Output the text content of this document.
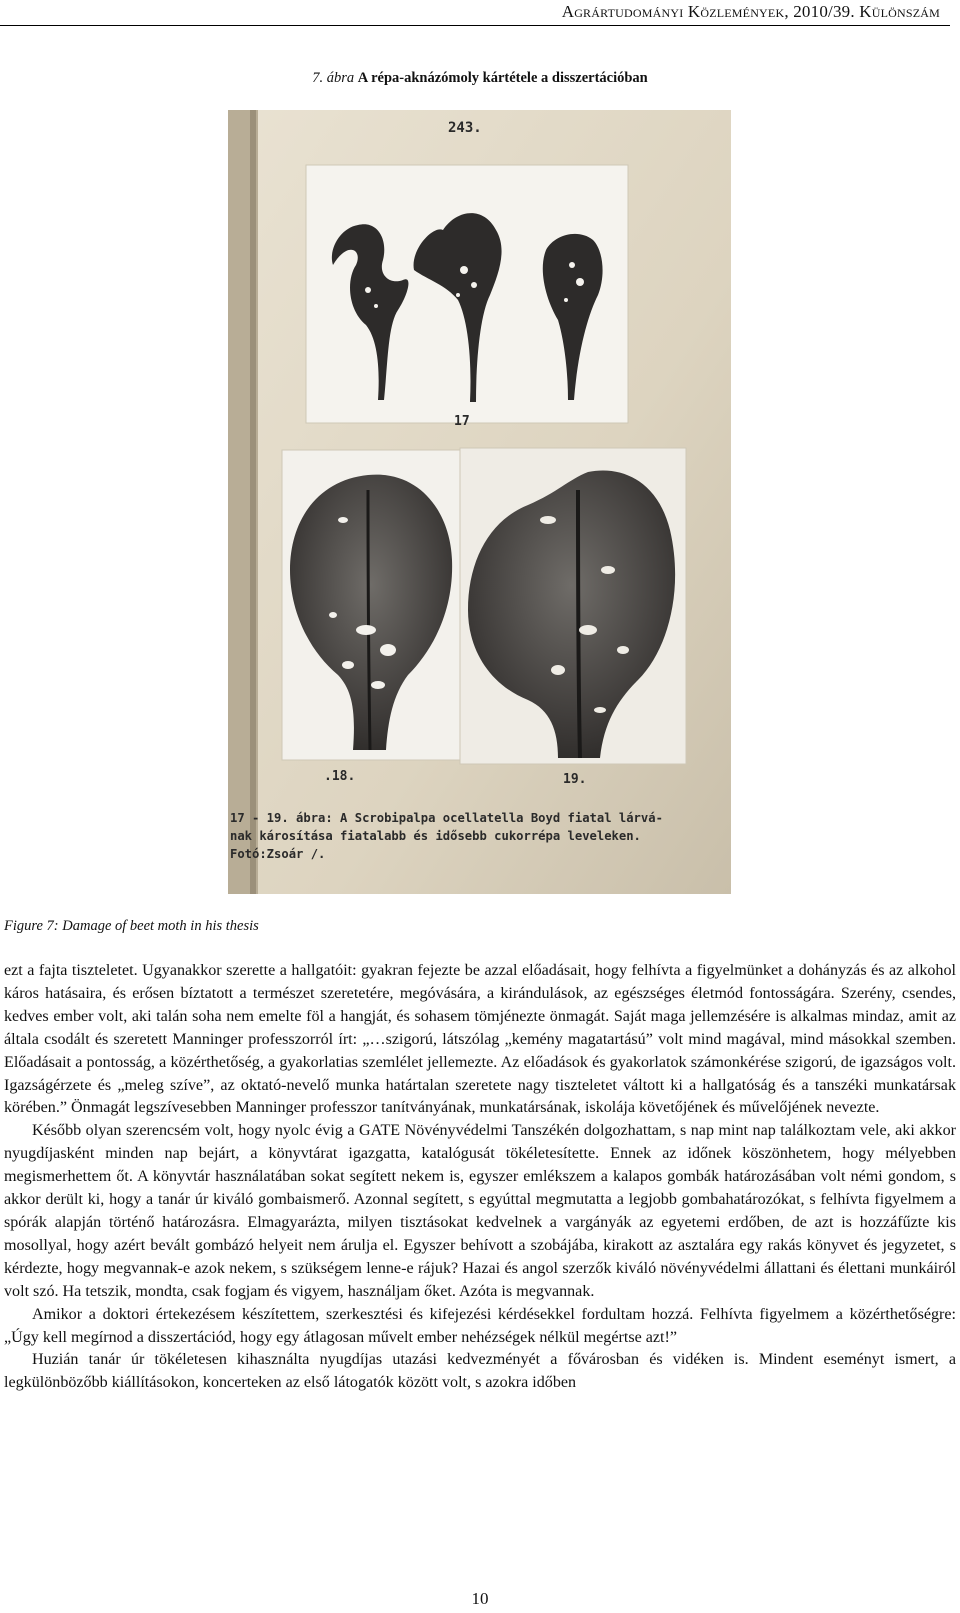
Agrártudományi Közlemények, 2010/39. Különszám
7. ábra A répa-aknázómoly kártétele a disszertációban
243.
17
.18.	19.
17 - 19. ábra: A Scrobipalpa ocellatella Boyd fiatal lárvá-
nak károsítása fiatalabb és idősebb cukorrépa leveleken.
Fotó:Zsoár /.
Figure 7: Damage of beet moth in his thesis

ezt a fajta tiszteletet. Ugyanakkor szerette a hallgatóit: gyakran fejezte be azzal előadásait, hogy felhívta a figyelmünket a dohányzás és az alkohol káros hatásaira, és erősen bíztatott a természet szeretetére, megóvására, a kirándulások, az egészséges életmód fontosságára. Szerény, csendes, kedves ember volt, aki talán soha nem emelte föl a hangját, és sohasem tömjénezte önmagát. Saját maga jellemzésére is alkalmas mindaz, amit az általa csodált és szeretett Manninger professzorról írt: „…szigorú, látszólag „kemény magatartású” volt mind magával, mind másokkal szemben. Előadásait a pontosság, a közérthetőség, a gyakorlatias szemlélet jellemezte. Az előadások és gyakorlatok számonkérése szigorú, de igazságos volt. Igazságérzete és „meleg szíve”, az oktató-nevelő munka határtalan szeretete nagy tiszteletet váltott ki a hallgatóság és a tanszéki munkatársak körében.” Önmagát legszívesebben Manninger professzor tanítványának, munkatársának, iskolája követőjének és művelőjének nevezte.

Később olyan szerencsém volt, hogy nyolc évig a GATE Növényvédelmi Tanszékén dolgozhattam, s nap mint nap találkoztam vele, aki akkor nyugdíjasként minden nap bejárt, a könyvtárat igazgatta, katalógusát tökéletesítette. Ennek az időnek köszönhetem, hogy mélyebben megismerhettem őt. A könyvtár használatában sokat segített nekem is, egyszer emlékszem a kalapos gombák határozásában volt némi gondom, s akkor derült ki, hogy a tanár úr kiváló gombaismerő. Azonnal segített, s egyúttal megmutatta a legjobb gombahatározókat, s felhívta figyelmem a spórák alapján történő határozásra. Elmagyarázta, milyen tisztásokat kedvelnek a vargányák az egyetemi erdőben, de azt is hozzáfűzte kis mosollyal, hogy azért bevált gombázó helyeit nem árulja el. Egyszer behívott a szobájába, kirakott az asztalára egy rakás könyvet és jegyzetet, s kérdezte, hogy megvannak-e azok nekem, s szükségem lenne-e rájuk? Hazai és angol szerzők kiváló növényvédelmi állattani és élettani munkáiról volt szó. Ha tetszik, mondta, csak fogjam és vigyem, használjam őket. Azóta is megvannak.

Amikor a doktori értekezésem készítettem, szerkesztési és kifejezési kérdésekkel fordultam hozzá. Felhívta figyelmem a közérthetőségre: „Úgy kell megírnod a disszertációd, hogy egy átlagosan művelt ember nehézségek nélkül megértse azt!”

Huzián tanár úr tökéletesen kihasználta nyugdíjas utazási kedvezményét a fővárosban és vidéken is. Mindent eseményt ismert, a legkülönbözőbb kiállításokon, koncerteken az első látogatók között volt, s azokra időben

10
